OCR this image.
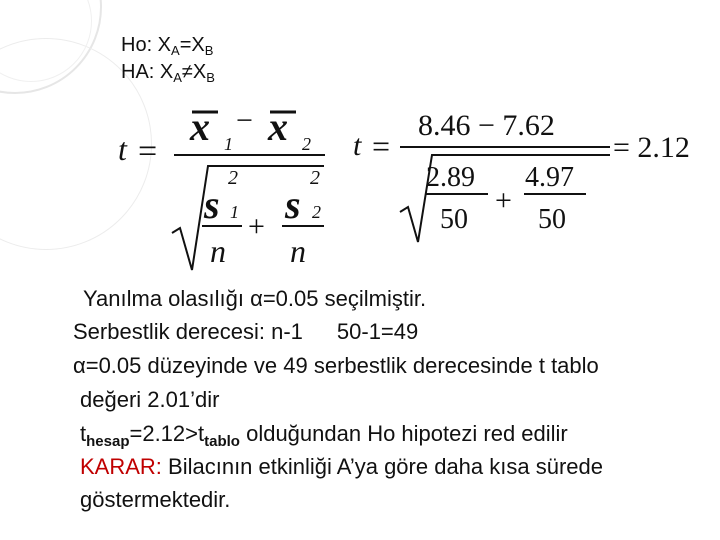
Ho: $X_A=X_B$
HA: $X_A\ne X_B$
t =
x 1
− x 2
2
s 1
n
+
2
s 2
n
t =
8.46 − 7.62
2.89
50
+
4.97
50
= 2.12
Yanılma olasılığı α=0.05 seçilmiştir.
Serbestlik derecesi: n-1 50-1=49
α=0.05 düzeyinde ve 49 serbestlik derecesinde t tablo
değeri 2.01’dir
$t_{hesap}=2.12>t_{tablo}$ olduğundan Ho hipotezi red edilir
KARAR: Bilacının etkinliği A’ya göre daha kısa sürede
göstermektedir.
